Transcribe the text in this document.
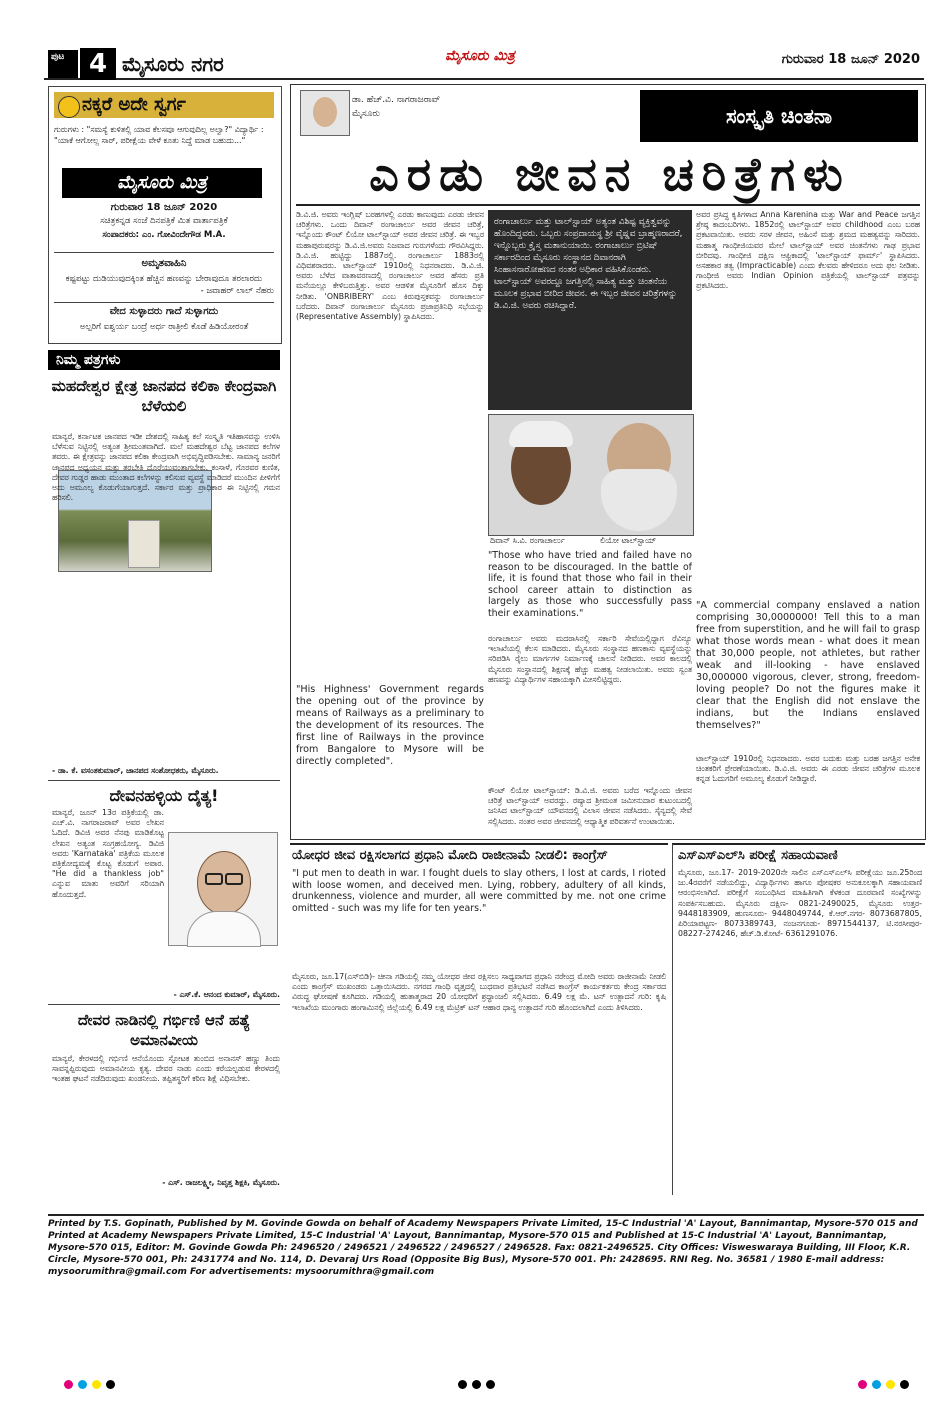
ಪುಟ 4 ಮೈಸೂರು ನಗರ	ಮೈಸೂರು ಮಿತ್ರ	ಗುರುವಾರ 18 ಜೂನ್ 2020
ನಕ್ಕರೆ ಅದೇ ಸ್ವರ್ಗ
ಗುರುಗಳು : "ಸಮಸ್ಯೆ ಕುಳಿತಲ್ಲಿ ಯಾವ ಕೆಲಸವೂ ಆಗುವುದಿಲ್ಲ ಅಲ್ವಾ?" ವಿದ್ಯಾರ್ಥಿ : "ಯಾಕೆ ಆಗೋಲ್ಲ ಸಾರ್, ಪರೀಕ್ಷೆಯ ವೇಳೆ ಕೂತು ನಿದ್ದೆ ಮಾಡ ಬಹುದು..."
ಮೈಸೂರು ಮಿತ್ರ
ಗುರುವಾರ 18 ಜೂನ್ 2020
ಸಚಿತ್ರಕನ್ನಡ ಸಂಜೆ ದಿನಪತ್ರಿಕೆ ಮಿತ ವಾರ್ತಾಪತ್ರಿಕೆ
ಸಂಪಾದಕರು: ಎಂ. ಗೋವಿಂದೇಗೌಡ M.A.
ಅಮೃತವಾಹಿನಿ
ಕಷ್ಟಪಟ್ಟು ದುಡಿಯುವುದಕ್ಕಿಂತ ಹೆಚ್ಚಿನ ಹಣವನ್ನು ಬೇರಾವುದೂ ತರಲಾರದು
- ಜವಾಹರ್ ಲಾಲ್ ನೆಹರು
ವೇದ ಸುಳ್ಳಾದರು ಗಾದೆ ಸುಳ್ಳಾಗದು
ಅಲ್ಪರಿಗೆ ಐಶ್ವರ್ಯ ಬಂದ್ರೆ ಅರ್ಧ ರಾತ್ರೀಲಿ ಕೊಡೆ ಹಿಡಿಯೋರಂತೆ
ನಿಮ್ಮ ಪತ್ರಗಳು
ಮಹದೇಶ್ವರ ಕ್ಷೇತ್ರ ಜಾನಪದ ಕಲಿಕಾ ಕೇಂದ್ರವಾಗಿ ಬೆಳೆಯಲಿ
ಮಾನ್ಯರೆ, ಕರ್ನಾಟಕ ಜಾನಪದ ಇಡೀ ದೇಶದಲ್ಲಿ ಸಾಹಿತ್ಯ ಕಲೆ ಸಂಸ್ಕೃತಿ ಇತಿಹಾಸವನ್ನು ಉಳಿಸಿ ಬೆಳೆಸುವ ನಿಟ್ಟಿನಲ್ಲಿ ಅತ್ಯಂತ ಶ್ರೀಮಂತವಾಗಿದೆ. ಮಲೆ ಮಹದೇಶ್ವರ ಬೆಟ್ಟ ಜಾನಪದ ಕಲೆಗಳ ತವರು. ಈ ಕ್ಷೇತ್ರವನ್ನು ಜಾನಪದ ಕಲಿಕಾ ಕೇಂದ್ರವಾಗಿ ಅಭಿವೃದ್ಧಿಪಡಿಸಬೇಕು. ಸಾಮಾನ್ಯ ಜನರಿಗೆ ಜಾನಪದ ಅಧ್ಯಯನ ಮತ್ತು ತರಬೇತಿ ದೊರೆಯುವಂತಾಗಬೇಕು. ಕಂಸಾಳೆ, ಗೊರವರ ಕುಣಿತ, ದೇವರ ಗುಡ್ಡರ ಹಾಡು ಮುಂತಾದ ಕಲೆಗಳನ್ನು ಕಲಿಸುವ ವ್ಯವಸ್ಥೆ ಮಾಡಿದರೆ ಮುಂದಿನ ಪೀಳಿಗೆಗೆ ಅದು ಅಮೂಲ್ಯ ಕೊಡುಗೆಯಾಗುತ್ತದೆ. ಸರ್ಕಾರ ಮತ್ತು ಪ್ರಾಧಿಕಾರ ಈ ನಿಟ್ಟಿನಲ್ಲಿ ಗಮನ ಹರಿಸಲಿ.
- ಡಾ. ಕೆ. ವಸಂತಕುಮಾರ್, ಜಾನಪದ ಸಂಶೋಧಕರು, ಮೈಸೂರು.
ದೇವನಹಳ್ಳಿಯ ದೈತ್ಯ!
ಮಾನ್ಯರೆ, ಜೂನ್ 13ರ ಪತ್ರಿಕೆಯಲ್ಲಿ ಡಾ. ಎಚ್.ವಿ. ನಾಗರಾಜರಾವ್ ಅವರ ಲೇಖನ ಓದಿದೆ. ಡಿವಿಜಿ ಅವರ ನೆನಪು ಮಾಡಿಕೊಟ್ಟ ಲೇಖನ ಅತ್ಯಂತ ಸಂಗ್ರಹಯೋಗ್ಯ. ಡಿವಿಜಿ ಅವರು 'Karnataka' ಪತ್ರಿಕೆಯ ಮೂಲಕ ಪತ್ರಿಕೋದ್ಯಮಕ್ಕೆ ಕೊಟ್ಟ ಕೊಡುಗೆ ಅಪಾರ. "He did a thankless job" ಎನ್ನುವ ಮಾತು ಅವರಿಗೆ ಸರಿಯಾಗಿ ಹೊಂದುತ್ತದೆ.
- ಎಸ್.ಕೆ. ಆನಂದ ಕುಮಾರ್, ಮೈಸೂರು.
ದೇವರ ನಾಡಿನಲ್ಲಿ ಗರ್ಭಿಣಿ ಆನೆ ಹತ್ಯೆ ಅಮಾನವೀಯ
ಮಾನ್ಯರೆ, ಕೇರಳದಲ್ಲಿ ಗರ್ಭಿಣಿ ಆನೆಯೊಂದು ಸ್ಫೋಟಕ ತುಂಬಿದ ಅನಾನಸ್ ಹಣ್ಣು ತಿಂದು ಸಾವನ್ನಪ್ಪಿರುವುದು ಅಮಾನವೀಯ ಕೃತ್ಯ. ದೇವರ ನಾಡು ಎಂದು ಕರೆಯಲ್ಪಡುವ ಕೇರಳದಲ್ಲಿ ಇಂತಹ ಘಟನೆ ನಡೆದಿರುವುದು ಖಂಡನೀಯ. ತಪ್ಪಿತಸ್ಥರಿಗೆ ಕಠಿಣ ಶಿಕ್ಷೆ ವಿಧಿಸಬೇಕು.
- ಎಸ್. ರಾಜಲಕ್ಷ್ಮೀ, ನಿವೃತ್ತ ಶಿಕ್ಷಕಿ, ಮೈಸೂರು.
ಡಾ. ಹೆಚ್.ವಿ. ನಾಗರಾಜರಾವ್
ಮೈಸೂರು	ಸಂಸ್ಕೃತಿ ಚಿಂತನಾ
ಎರಡು ಜೀವನ ಚರಿತ್ರೆಗಳು
ಡಿ.ವಿ.ಜಿ. ಅವರು ಇಂಗ್ಲಿಷ್ ಬರಹಗಳಲ್ಲಿ ಎರಡು ಕಾಣುವುದು ಎರಡು ಜೀವನ ಚರಿತ್ರೆಗಳು. ಒಂದು ದಿವಾನ್ ರಂಗಾಚಾರ್ಲು ಅವರ ಜೀವನ ಚರಿತ್ರೆ, ಇನ್ನೊಂದು ಕೌಂಟ್ ಲಿಯೋ ಟಾಲ್‌ಸ್ಟಾಯ್ ಅವರ ಜೀವನ ಚರಿತ್ರೆ. ಈ ಇಬ್ಬರ ಮಹಾಪುರುಷರನ್ನು ಡಿ.ವಿ.ಜಿ.ಅವರು ನಿಜವಾದ ಗುರುಗಳೆಂದು ಗೌರವಿಸಿದ್ದರು. ಡಿ.ವಿ.ಜಿ. ಹುಟ್ಟಿದ್ದು 1887ರಲ್ಲಿ. ರಂಗಾಚಾರ್ಲು 1883ರಲ್ಲಿ ವಿಧಿವಶರಾದರು. ಟಾಲ್‌ಸ್ಟಾಯ್ 1910ರಲ್ಲಿ ನಿಧನರಾದರು. ಡಿ.ವಿ.ಜಿ. ಅವರು ಬೆಳೆದ ವಾತಾವರಣದಲ್ಲಿ ರಂಗಾಚಾರ್ಲು ಅವರ ಹೆಸರು ಪ್ರತಿ ಮನೆಯಲ್ಲೂ ಕೇಳಿಬರುತ್ತಿತ್ತು. ಅವರ ಆಡಳಿತ ಮೈಸೂರಿಗೆ ಹೊಸ ದಿಕ್ಕು ನೀಡಿತು. 'ONBRIBERY' ಎಂಬ ಕಿರುಪುಸ್ತಕವನ್ನು ರಂಗಾಚಾರ್ಲು ಬರೆದರು. ದಿವಾನ್ ರಂಗಾಚಾರ್ಲು ಮೈಸೂರು ಪ್ರಜಾಪ್ರತಿನಿಧಿ ಸಭೆಯನ್ನು (Representative Assembly) ಸ್ಥಾಪಿಸಿದರು.
"His Highness' Government regards the opening out of the province by means of Railways as a preliminary to the development of its resources. The first line of Railways in the province from Bangalore to Mysore will be directly completed".
ರಂಗಾಚಾರ್ಲು ಮತ್ತು ಟಾಲ್‌ಸ್ಟಾಯ್ ಅತ್ಯಂತ ವಿಶಿಷ್ಟ ವ್ಯಕ್ತಿತ್ವವನ್ನು ಹೊಂದಿದ್ದವರು. ಒಬ್ಬರು ಸಂಪ್ರದಾಯಸ್ಥ ಶ್ರೀ ವೈಷ್ಣವ ಬ್ರಾಹ್ಮಣರಾದರೆ, ಇನ್ನೊಬ್ಬರು ಕ್ರೈಸ್ತ ಮತಾನುಯಾಯಿ. ರಂಗಾಚಾರ್ಲು ಬ್ರಿಟಿಷ್ ಸರ್ಕಾರದಿಂದ ಮೈಸೂರು ಸಂಸ್ಥಾನದ ದಿವಾನರಾಗಿ ಸಿಂಹಾಸನಾರೋಹಣದ ನಂತರ ಅಧಿಕಾರ ವಹಿಸಿಕೊಂಡರು. ಟಾಲ್‌ಸ್ಟಾಯ್ ಅವರದ್ದೂ ಜಗತ್ತಿನಲ್ಲಿ ಸಾಹಿತ್ಯ ಮತ್ತು ಚಿಂತನೆಯ ಮೂಲಕ ಪ್ರಭಾವ ಬೀರಿದ ಜೀವನ. ಈ ಇಬ್ಬರ ಜೀವನ ಚರಿತ್ರೆಗಳನ್ನು ಡಿ.ವಿ.ಜಿ. ಅವರು ರಚಿಸಿದ್ದಾರೆ.
ದಿವಾನ್ ಸಿ.ವಿ. ರಂಗಾಚಾರ್ಲು	ಲಿಯೋ ಟಾಲ್‌ಸ್ಟಾಯ್
"Those who have tried and failed have no reason to be discouraged. In the battle of life, it is found that those who fail in their school career attain to distinction as largely as those who successfully pass their examinations."
ರಂಗಾಚಾರ್ಲು ಅವರು ಮದರಾಸಿನಲ್ಲಿ ಸರ್ಕಾರಿ ಸೇವೆಯಲ್ಲಿದ್ದಾಗ ರೆವಿನ್ಯೂ ಇಲಾಖೆಯಲ್ಲಿ ಕೆಲಸ ಮಾಡಿದರು. ಮೈಸೂರು ಸಂಸ್ಥಾನದ ಹಣಕಾಸು ವ್ಯವಸ್ಥೆಯನ್ನು ಸರಿಪಡಿಸಿ ರೈಲು ಮಾರ್ಗಗಳ ನಿರ್ಮಾಣಕ್ಕೆ ಚಾಲನೆ ನೀಡಿದರು. ಅವರ ಕಾಲದಲ್ಲಿ ಮೈಸೂರು ಸಂಸ್ಥಾನದಲ್ಲಿ ಶಿಕ್ಷಣಕ್ಕೆ ಹೆಚ್ಚು ಮಹತ್ವ ನೀಡಲಾಯಿತು. ಅವರು ಸ್ವಂತ ಹಣವನ್ನು ವಿದ್ಯಾರ್ಥಿಗಳ ಸಹಾಯಕ್ಕಾಗಿ ಮೀಸಲಿಟ್ಟಿದ್ದರು.
ಕೌಂಟ್ ಲಿಯೋ ಟಾಲ್‌ಸ್ಟಾಯ್: ಡಿ.ವಿ.ಜಿ. ಅವರು ಬರೆದ ಇನ್ನೊಂದು ಜೀವನ ಚರಿತ್ರೆ ಟಾಲ್‌ಸ್ಟಾಯ್ ಅವರದ್ದು. ರಷ್ಯಾದ ಶ್ರೀಮಂತ ಜಮೀನುದಾರ ಕುಟುಂಬದಲ್ಲಿ ಜನಿಸಿದ ಟಾಲ್‌ಸ್ಟಾಯ್ ಯೌವನದಲ್ಲಿ ವಿಲಾಸ ಜೀವನ ನಡೆಸಿದರು. ಸೈನ್ಯದಲ್ಲಿ ಸೇವೆ ಸಲ್ಲಿಸಿದರು. ನಂತರ ಅವರ ಜೀವನದಲ್ಲಿ ಆಧ್ಯಾತ್ಮಿಕ ಪರಿವರ್ತನೆ ಉಂಟಾಯಿತು.
ಅವರ ಪ್ರಸಿದ್ಧ ಕೃತಿಗಳಾದ Anna Karenina ಮತ್ತು War and Peace ಜಗತ್ತಿನ ಶ್ರೇಷ್ಠ ಕಾದಂಬರಿಗಳು. 1852ರಲ್ಲಿ ಟಾಲ್‌ಸ್ಟಾಯ್ ಅವರ childhood ಎಂಬ ಬರಹ ಪ್ರಕಟವಾಯಿತು. ಅವರು ಸರಳ ಜೀವನ, ಅಹಿಂಸೆ ಮತ್ತು ಶ್ರಮದ ಮಹತ್ವವನ್ನು ಸಾರಿದರು. ಮಹಾತ್ಮ ಗಾಂಧೀಜಿಯವರ ಮೇಲೆ ಟಾಲ್‌ಸ್ಟಾಯ್ ಅವರ ಚಿಂತನೆಗಳು ಗಾಢ ಪ್ರಭಾವ ಬೀರಿದವು. ಗಾಂಧೀಜಿ ದಕ್ಷಿಣ ಆಫ್ರಿಕಾದಲ್ಲಿ 'ಟಾಲ್‌ಸ್ಟಾಯ್ ಫಾರ್ಮ್' ಸ್ಥಾಪಿಸಿದರು. ಅಸಹಕಾರ ತತ್ವ (Impracticable) ಎಂದು ಕೆಲವರು ಹೇಳಿದರೂ ಅದು ಫಲ ನೀಡಿತು. ಗಾಂಧೀಜಿ ಅವರು Indian Opinion ಪತ್ರಿಕೆಯಲ್ಲಿ ಟಾಲ್‌ಸ್ಟಾಯ್ ಪತ್ರವನ್ನು ಪ್ರಕಟಿಸಿದರು.
"A commercial company enslaved a nation comprising 30,0000000! Tell this to a man free from superstition, and he will fail to grasp what those words mean - what does it mean that 30,000 people, not athletes, but rather weak and ill-looking - have enslaved 30,000000 vigorous, clever, strong, freedom-loving people? Do not the figures make it clear that the English did not enslave the indians, but the Indians enslaved themselves?"
ಟಾಲ್‌ಸ್ಟಾಯ್ 1910ರಲ್ಲಿ ನಿಧನರಾದರು. ಅವರ ಬದುಕು ಮತ್ತು ಬರಹ ಜಗತ್ತಿನ ಅನೇಕ ಚಿಂತಕರಿಗೆ ಪ್ರೇರಣೆಯಾಯಿತು. ಡಿ.ವಿ.ಜಿ. ಅವರು ಈ ಎರಡು ಜೀವನ ಚರಿತ್ರೆಗಳ ಮೂಲಕ ಕನ್ನಡ ಓದುಗರಿಗೆ ಅಮೂಲ್ಯ ಕೊಡುಗೆ ನೀಡಿದ್ದಾರೆ.
ಯೋಧರ ಜೀವ ರಕ್ಷಿಸಲಾಗದ ಪ್ರಧಾನಿ ಮೋದಿ ರಾಜೀನಾಮೆ ನೀಡಲಿ: ಕಾಂಗ್ರೆಸ್
"I put men to death in war. I fought duels to slay others, I lost at cards, I rioted with loose women, and deceived men. Lying, robbery, adultery of all kinds, drunkenness, violence and murder, all were committed by me. not one crime omitted - such was my life for ten years."
ಮೈಸೂರು, ಜೂ.17(ಎಸ್‌ಬಿಡಿ)- ಚೀನಾ ಗಡಿಯಲ್ಲಿ ನಮ್ಮ ಯೋಧರ ಜೀವ ರಕ್ಷಿಸಲು ಸಾಧ್ಯವಾಗದ ಪ್ರಧಾನಿ ನರೇಂದ್ರ ಮೋದಿ ಅವರು ರಾಜೀನಾಮೆ ನೀಡಲಿ ಎಂದು ಕಾಂಗ್ರೆಸ್ ಮುಖಂಡರು ಒತ್ತಾಯಿಸಿದರು. ನಗರದ ಗಾಂಧಿ ವೃತ್ತದಲ್ಲಿ ಬುಧವಾರ ಪ್ರತಿಭಟನೆ ನಡೆಸಿದ ಕಾಂಗ್ರೆಸ್ ಕಾರ್ಯಕರ್ತರು ಕೇಂದ್ರ ಸರ್ಕಾರದ ವಿರುದ್ಧ ಘೋಷಣೆ ಕೂಗಿದರು. ಗಡಿಯಲ್ಲಿ ಹುತಾತ್ಮರಾದ 20 ಯೋಧರಿಗೆ ಶ್ರದ್ಧಾಂಜಲಿ ಸಲ್ಲಿಸಿದರು. 6.49 ಲಕ್ಷ ಮೆ. ಟನ್ ಉತ್ಪಾದನೆ ಗುರಿ: ಕೃಷಿ ಇಲಾಖೆಯ ಮುಂಗಾರು ಹಂಗಾಮಿನಲ್ಲಿ ಜಿಲ್ಲೆಯಲ್ಲಿ 6.49 ಲಕ್ಷ ಮೆಟ್ರಿಕ್ ಟನ್ ಆಹಾರ ಧಾನ್ಯ ಉತ್ಪಾದನೆ ಗುರಿ ಹೊಂದಲಾಗಿದೆ ಎಂದು ತಿಳಿಸಿದರು.
ಎಸ್‌ಎಸ್‌ಎಲ್‌ಸಿ ಪರೀಕ್ಷೆ ಸಹಾಯವಾಣಿ
ಮೈಸೂರು, ಜೂ.17- 2019-2020ನೇ ಸಾಲಿನ ಎಸ್‌ಎಸ್‌ಎಲ್‌ಸಿ ಪರೀಕ್ಷೆಯು ಜೂ.25ರಿಂದ ಜು.4ರವರೆಗೆ ನಡೆಯಲಿದ್ದು, ವಿದ್ಯಾರ್ಥಿಗಳು ಹಾಗೂ ಪೋಷಕರ ಅನುಕೂಲಕ್ಕಾಗಿ ಸಹಾಯವಾಣಿ ಆರಂಭಿಸಲಾಗಿದೆ. ಪರೀಕ್ಷೆಗೆ ಸಂಬಂಧಿಸಿದ ಮಾಹಿತಿಗಾಗಿ ಕೆಳಕಂಡ ದೂರವಾಣಿ ಸಂಖ್ಯೆಗಳನ್ನು ಸಂಪರ್ಕಿಸಬಹುದು. ಮೈಸೂರು ದಕ್ಷಿಣ- 0821-2490025, ಮೈಸೂರು ಉತ್ತರ- 9448183909, ಹುಣಸೂರು- 9448049744, ಕೆ.ಆರ್.ನಗರ- 8073687805, ಪಿರಿಯಾಪಟ್ಟಣ- 8073389743, ನಂಜನಗೂಡು- 8971544137, ಟಿ.ನರಸೀಪುರ- 08227-274246, ಹೆಚ್.ಡಿ.ಕೋಟೆ- 6361291076.
Printed by T.S. Gopinath, Published by M. Govinde Gowda on behalf of Academy Newspapers Private Limited, 15-C Industrial 'A' Layout, Bannimantap, Mysore-570 015 and Printed at Academy Newspapers Private Limited, 15-C Industrial 'A' Layout, Bannimantap, Mysore-570 015 and Published at 15-C Industrial 'A' Layout, Bannimantap, Mysore-570 015, Editor: M. Govinde Gowda Ph: 2496520 / 2496521 / 2496522 / 2496527 / 2496528. Fax: 0821-2496525. City Offices: Visweswaraya Building, III Floor, K.R. Circle, Mysore-570 001, Ph: 2431774 and No. 114, D. Devaraj Urs Road (Opposite Big Bus), Mysore-570 001. Ph: 2428695. RNI Reg. No. 36581 / 1980 E-mail address: mysoorumithra@gmail.com For advertisements: mysoorumithra@gmail.com
